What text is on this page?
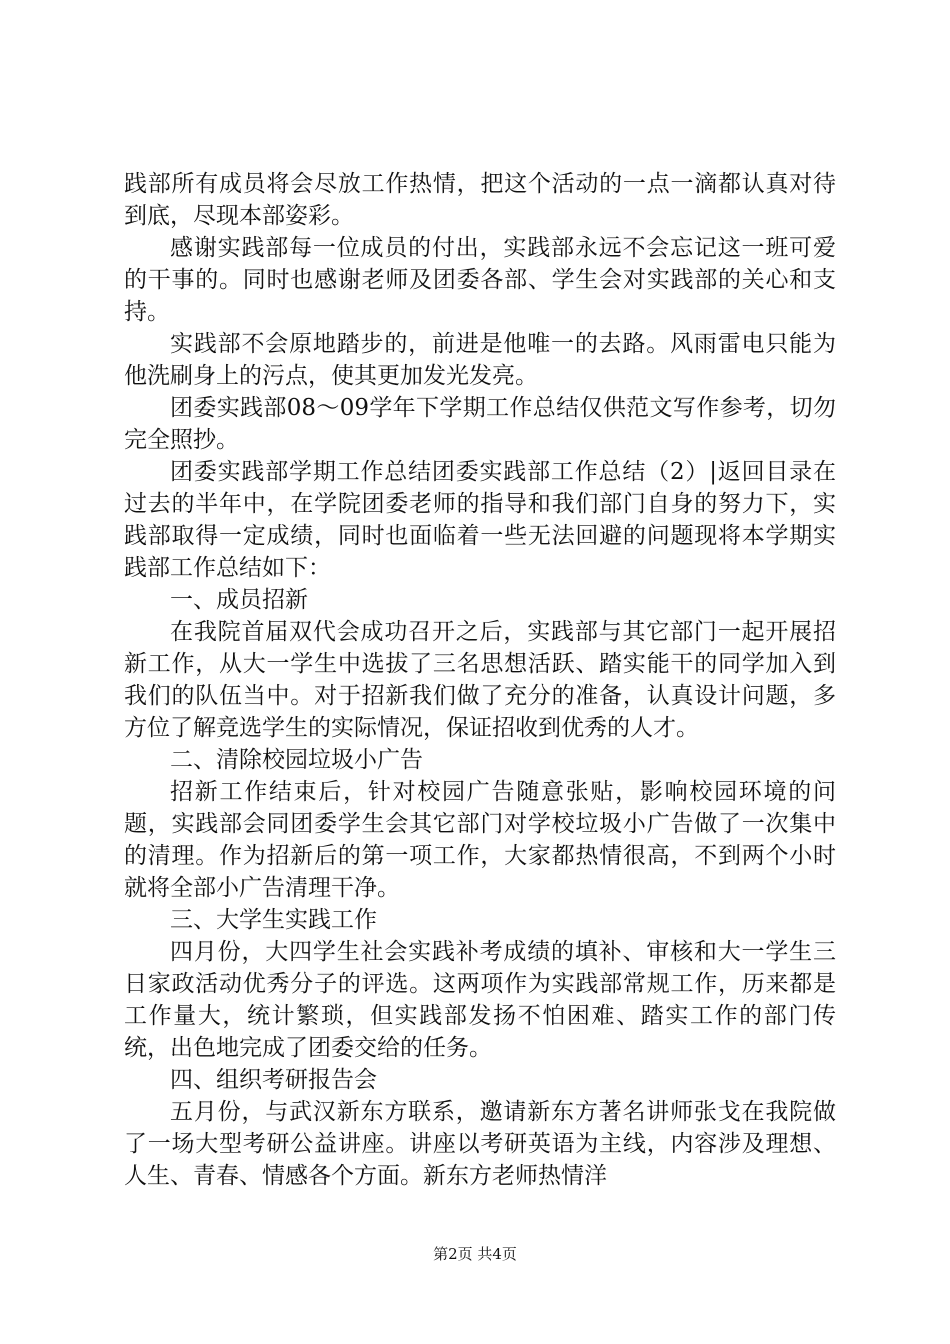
践部所有成员将会尽放工作热情，把这个活动的一点一滴都认真对待到底，尽现本部姿彩。

感谢实践部每一位成员的付出，实践部永远不会忘记这一班可爱的干事的。同时也感谢老师及团委各部、学生会对实践部的关心和支持。

实践部不会原地踏步的，前进是他唯一的去路。风雨雷电只能为他洗刷身上的污点，使其更加发光发亮。

团委实践部08～09学年下学期工作总结仅供范文写作参考，切勿完全照抄。

团委实践部学期工作总结团委实践部工作总结（2）|返回目录在过去的半年中，在学院团委老师的指导和我们部门自身的努力下，实践部取得一定成绩，同时也面临着一些无法回避的问题现将本学期实践部工作总结如下：

一、成员招新

在我院首届双代会成功召开之后，实践部与其它部门一起开展招新工作，从大一学生中选拔了三名思想活跃、踏实能干的同学加入到我们的队伍当中。对于招新我们做了充分的准备，认真设计问题，多方位了解竞选学生的实际情况，保证招收到优秀的人才。

二、清除校园垃圾小广告

招新工作结束后，针对校园广告随意张贴，影响校园环境的问题，实践部会同团委学生会其它部门对学校垃圾小广告做了一次集中的清理。作为招新后的第一项工作，大家都热情很高，不到两个小时就将全部小广告清理干净。

三、大学生实践工作

四月份，大四学生社会实践补考成绩的填补、审核和大一学生三日家政活动优秀分子的评选。这两项作为实践部常规工作，历来都是工作量大，统计繁琐，但实践部发扬不怕困难、踏实工作的部门传统，出色地完成了团委交给的任务。

四、组织考研报告会

五月份，与武汉新东方联系，邀请新东方著名讲师张戈在我院做了一场大型考研公益讲座。讲座以考研英语为主线，内容涉及理想、人生、青春、情感各个方面。新东方老师热情洋

第2页 共4页
